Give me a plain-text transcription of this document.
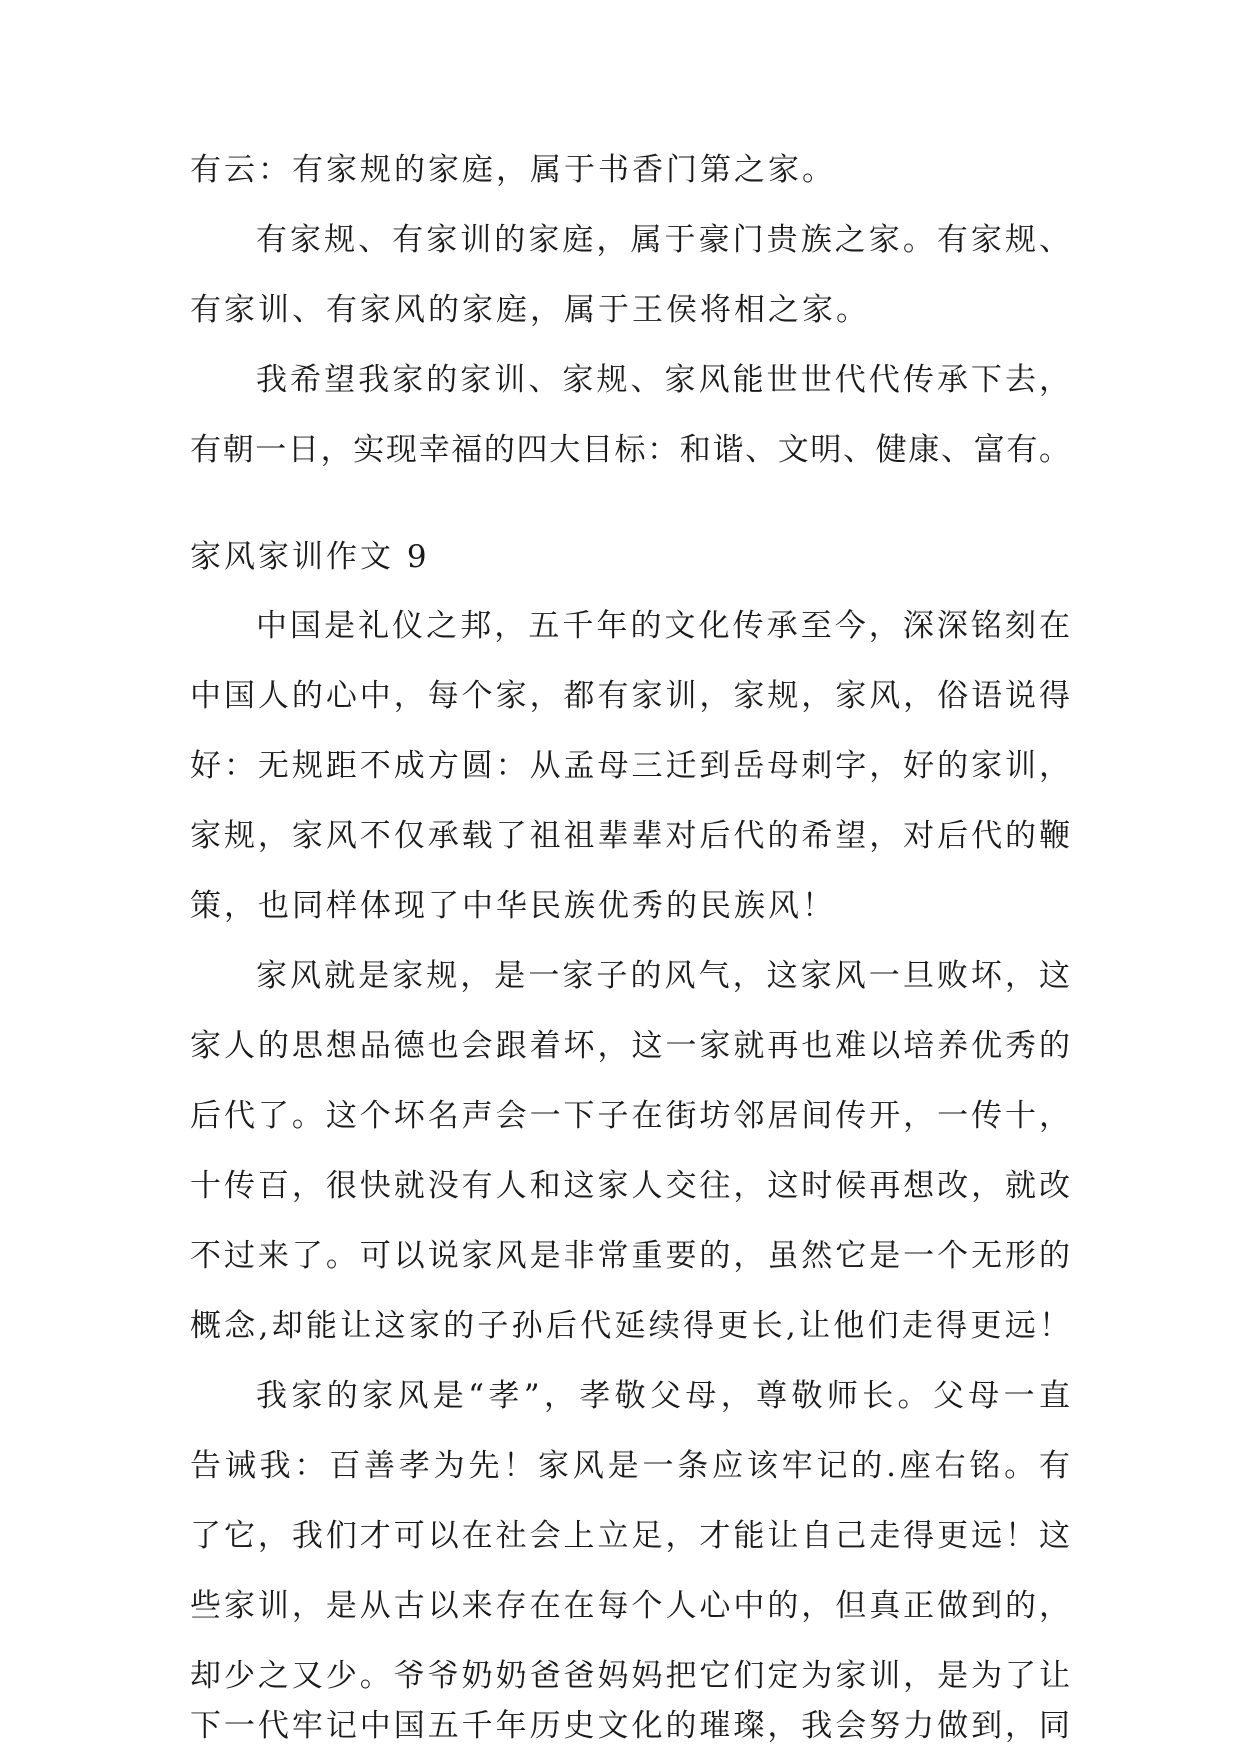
有云：有家规的家庭，属于书香门第之家。

有家规、有家训的家庭，属于豪门贵族之家。有家规、

有家训、有家风的家庭，属于王侯将相之家。

我希望我家的家训、家规、家风能世世代代传承下去，

有朝一日，实现幸福的四大目标：和谐、文明、健康、富有。

家风家训作文 9

中国是礼仪之邦，五千年的文化传承至今，深深铭刻在

中国人的心中，每个家，都有家训，家规，家风，俗语说得

好：无规距不成方圆：从孟母三迁到岳母刺字，好的家训，

家规，家风不仅承载了祖祖辈辈对后代的希望，对后代的鞭

策，也同样体现了中华民族优秀的民族风！

家风就是家规，是一家子的风气，这家风一旦败坏，这

家人的思想品德也会跟着坏，这一家就再也难以培养优秀的

后代了。这个坏名声会一下子在街坊邻居间传开，一传十，

十传百，很快就没有人和这家人交往，这时候再想改，就改

不过来了。可以说家风是非常重要的，虽然它是一个无形的

概念,却能让这家的子孙后代延续得更长,让他们走得更远！

我家的家风是“孝”，孝敬父母，尊敬师长。父母一直

告诫我：百善孝为先！家风是一条应该牢记的.座右铭。有

了它，我们才可以在社会上立足，才能让自己走得更远！这

些家训，是从古以来存在在每个人心中的，但真正做到的，

却少之又少。爷爷奶奶爸爸妈妈把它们定为家训，是为了让

下一代牢记中国五千年历史文化的璀璨，我会努力做到，同
